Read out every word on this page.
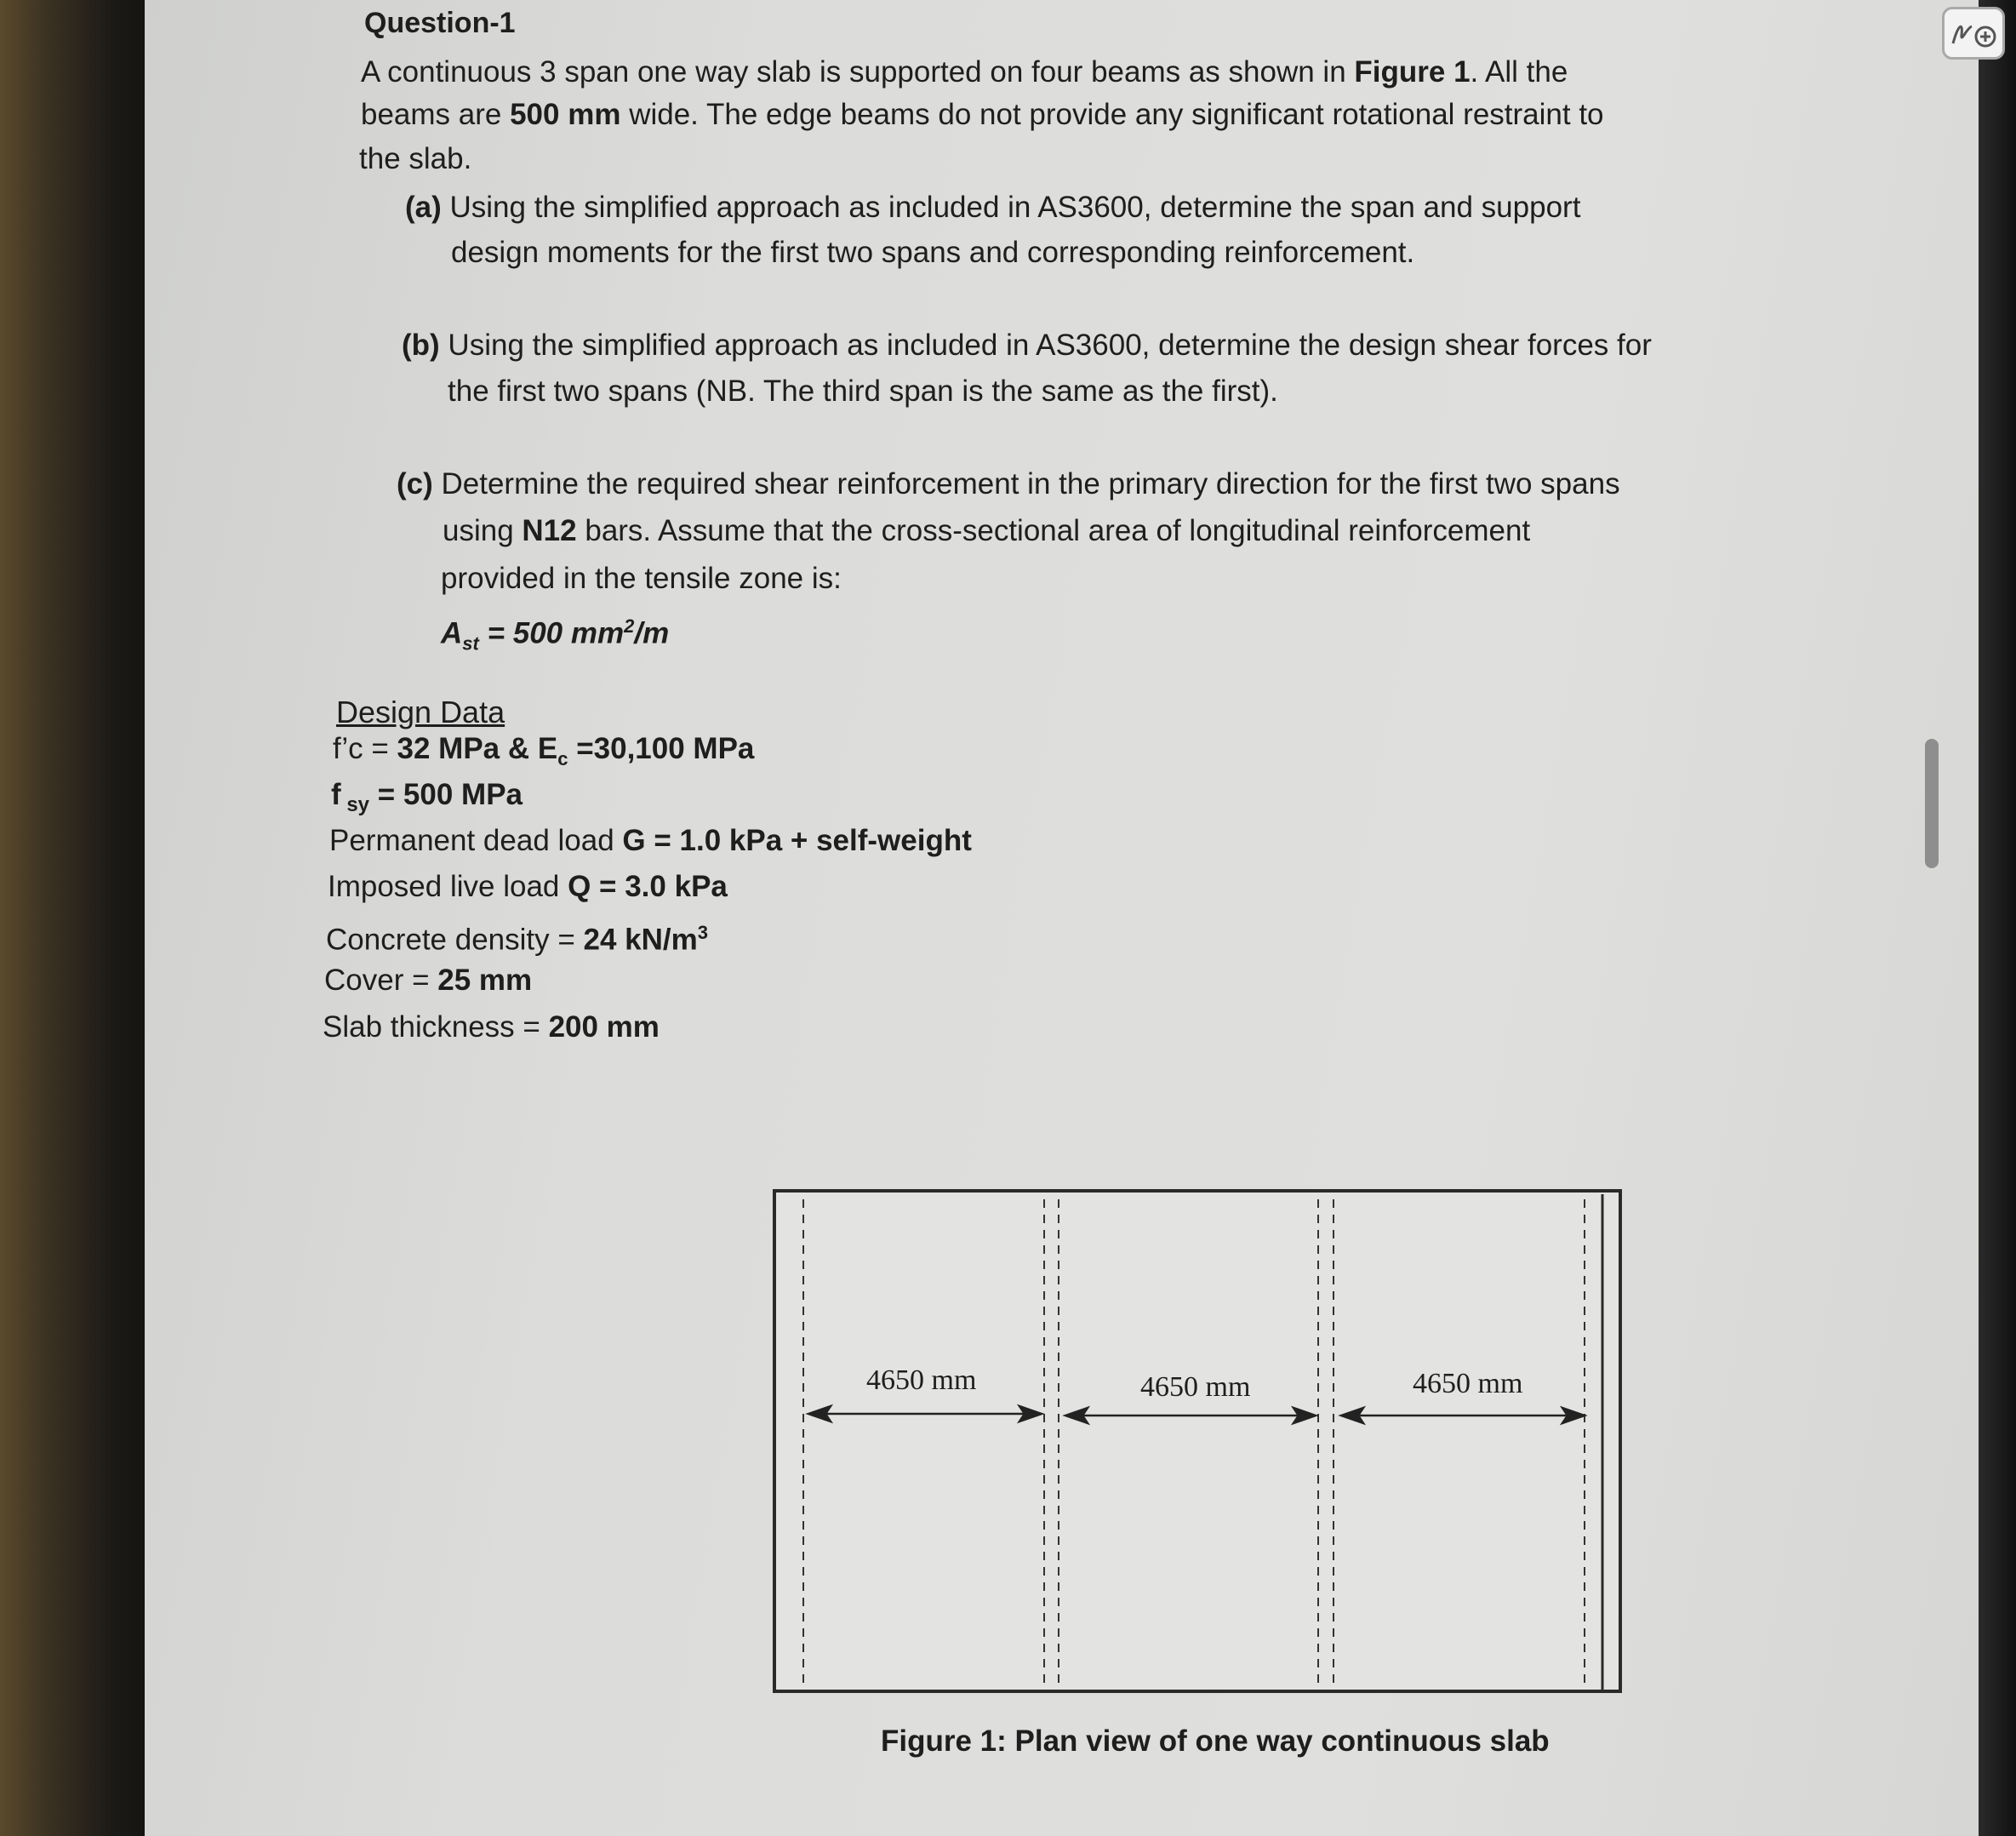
Question-1
A continuous 3 span one way slab is supported on four beams as shown in Figure 1. All the
beams are 500 mm wide. The edge beams do not provide any significant rotational restraint to
the slab.
(a) Using the simplified approach as included in AS3600, determine the span and support
design moments for the first two spans and corresponding reinforcement.
(b) Using the simplified approach as included in AS3600, determine the design shear forces for
the first two spans (NB. The third span is the same as the first).
(c) Determine the required shear reinforcement in the primary direction for the first two spans
using N12 bars. Assume that the cross-sectional area of longitudinal reinforcement
provided in the tensile zone is:
$A_{st} = 500$ $mm^2/m$
Design Data
f’c = 32 MPa & $E_c =30,100$ MPa
f $_{sy}$ = 500 MPa
Permanent dead load G = 1.0 kPa + self-weight
Imposed live load Q = 3.0 kPa
Concrete density = 24 $kN/m^3$
Cover = 25 mm
Slab thickness = 200 mm
4650 mm	4650 mm	4650 mm
Figure 1: Plan view of one way continuous slab
